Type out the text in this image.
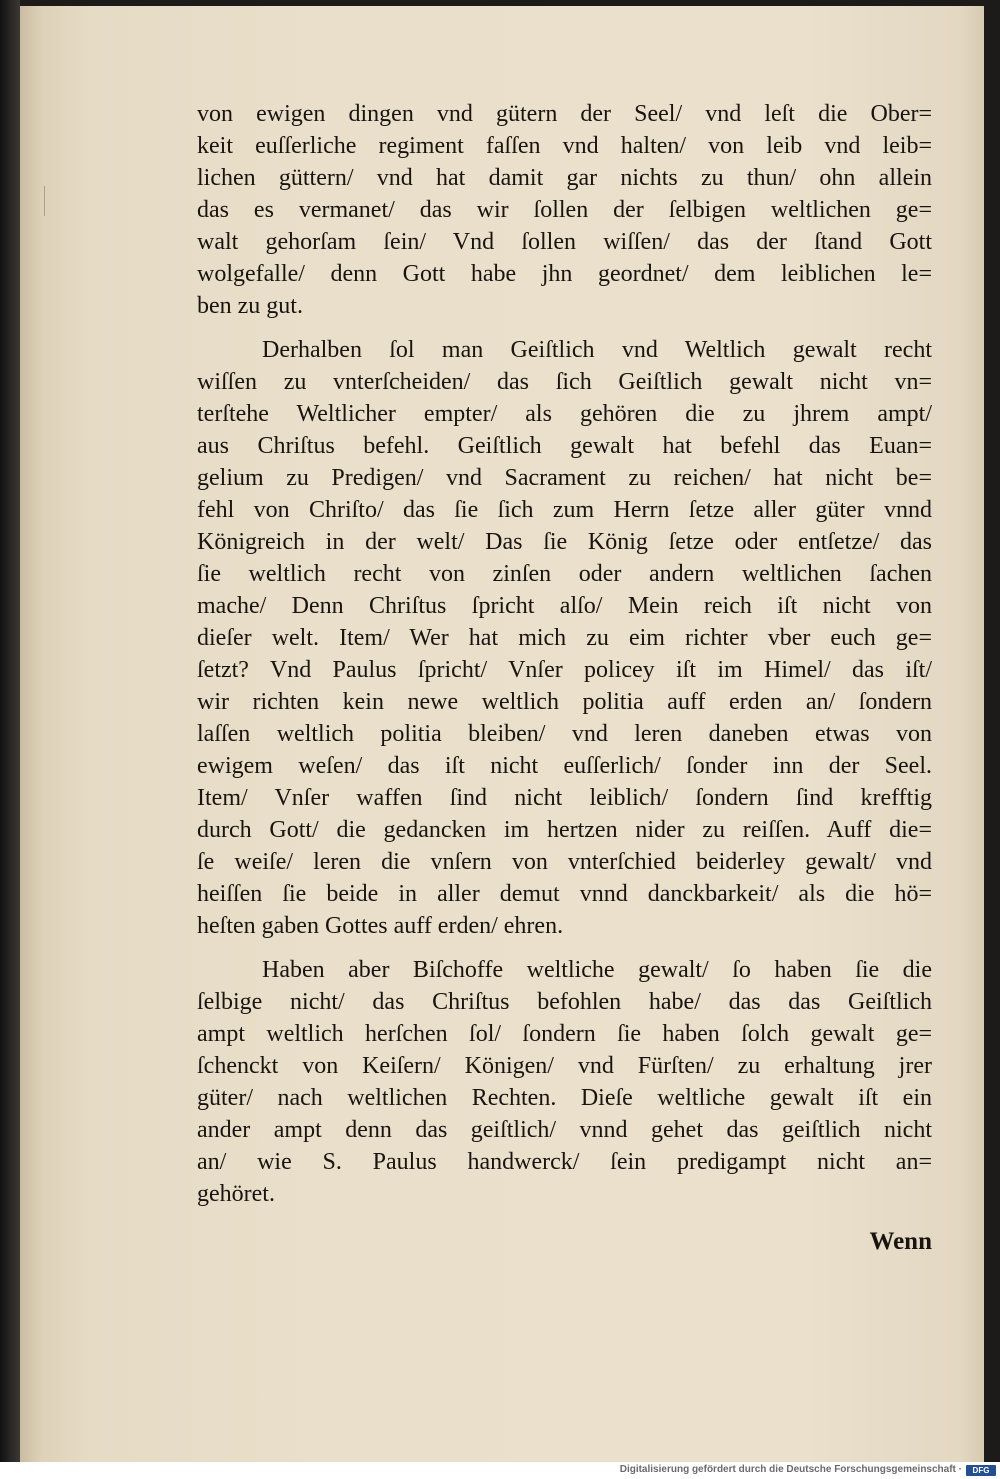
von ewigen dingen vnd gütern der Seel/ vnd leſt die Ober=
keit euſſerliche regiment faſſen vnd halten/ von leib vnd leib=
lichen güttern/ vnd hat damit gar nichts zu thun/ ohn allein
das es vermanet/ das wir ſollen der ſelbigen weltlichen ge=
walt gehorſam ſein/ Vnd ſollen wiſſen/ das der ſtand Gott
wolgefalle/ denn Gott habe jhn geordnet/ dem leiblichen le=
ben zu gut.
Derhalben ſol man Geiſtlich vnd Weltlich gewalt recht
wiſſen zu vnterſcheiden/ das ſich Geiſtlich gewalt nicht vn=
terſtehe Weltlicher empter/ als gehören die zu jhrem ampt/
aus Chriſtus befehl. Geiſtlich gewalt hat befehl das Euan=
gelium zu Predigen/ vnd Sacrament zu reichen/ hat nicht be=
fehl von Chriſto/ das ſie ſich zum Herrn ſetze aller güter vnnd
Königreich in der welt/ Das ſie König ſetze oder entſetze/ das
ſie weltlich recht von zinſen oder andern weltlichen ſachen
mache/ Denn Chriſtus ſpricht alſo/ Mein reich iſt nicht von
dieſer welt. Item/ Wer hat mich zu eim richter vber euch ge=
ſetzt? Vnd Paulus ſpricht/ Vnſer policey iſt im Himel/ das iſt/
wir richten kein newe weltlich politia auff erden an/ ſondern
laſſen weltlich politia bleiben/ vnd leren daneben etwas von
ewigem weſen/ das iſt nicht euſſerlich/ ſonder inn der Seel.
Item/ Vnſer waffen ſind nicht leiblich/ ſondern ſind krefftig
durch Gott/ die gedancken im hertzen nider zu reiſſen. Auff die=
ſe weiſe/ leren die vnſern von vnterſchied beiderley gewalt/ vnd
heiſſen ſie beide in aller demut vnnd danckbarkeit/ als die hö=
heſten gaben Gottes auff erden/ ehren.
Haben aber Biſchoffe weltliche gewalt/ ſo haben ſie die
ſelbige nicht/ das Chriſtus befohlen habe/ das das Geiſtlich
ampt weltlich herſchen ſol/ ſondern ſie haben ſolch gewalt ge=
ſchenckt von Keiſern/ Königen/ vnd Fürſten/ zu erhaltung jrer
güter/ nach weltlichen Rechten. Dieſe weltliche gewalt iſt ein
ander ampt denn das geiſtlich/ vnnd gehet das geiſtlich nicht
an/ wie S. Paulus handwerck/ ſein predigampt nicht an=
gehöret.
Wenn
Digitalisierung gefördert durch die Deutsche Forschungsgemeinschaft ·	DFG
